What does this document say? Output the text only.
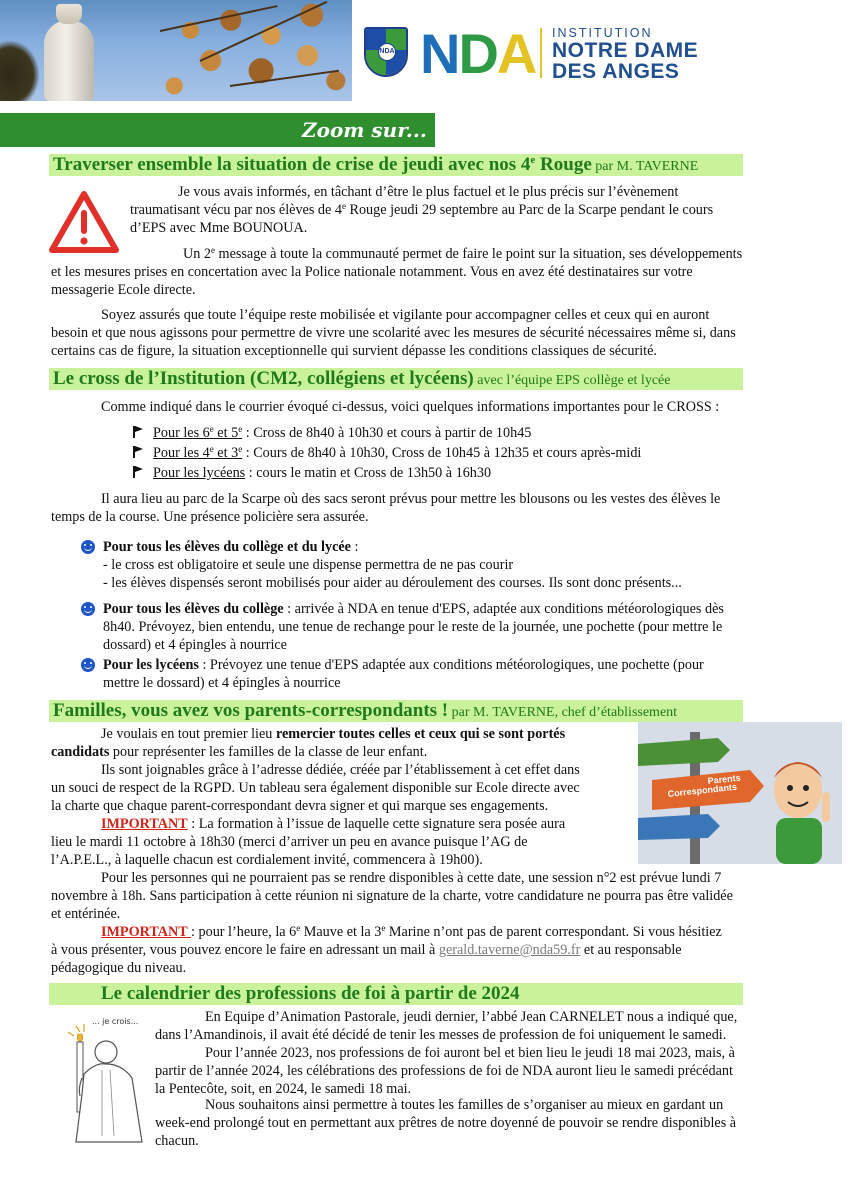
NDA NDA INSTITUTION
NOTRE DAME
DES ANGES
Zoom sur...
Traverser ensemble la situation de crise de jeudi avec nos 4e Rouge par M. TAVERNE
Je vous avais informés, en tâchant d’être le plus factuel et le plus précis sur l’évènement
traumatisant vécu par nos élèves de 4e Rouge jeudi 29 septembre au Parc de la Scarpe pendant le cours
d’EPS avec Mme BOUNOUA.
Un 2e message à toute la communauté permet de faire le point sur la situation, ses développements
et les mesures prises en concertation avec la Police nationale notamment. Vous en avez été destinataires sur votre
messagerie Ecole directe.
Soyez assurés que toute l’équipe reste mobilisée et vigilante pour accompagner celles et ceux qui en auront
besoin et que nous agissons pour permettre de vivre une scolarité avec les mesures de sécurité nécessaires même si, dans
certains cas de figure, la situation exceptionnelle qui survient dépasse les conditions classiques de sécurité.
Le cross de l’Institution (CM2, collégiens et lycéens) avec l’équipe EPS collège et lycée
Comme indiqué dans le courrier évoqué ci-dessus, voici quelques informations importantes pour le CROSS :
Pour les 6e et 5e : Cross de 8h40 à 10h30 et cours à partir de 10h45
Pour les 4e et 3e : Cours de 8h40 à 10h30, Cross de 10h45 à 12h35 et cours après-midi
Pour les lycéens : cours le matin et Cross de 13h50 à 16h30
Il aura lieu au parc de la Scarpe où des sacs seront prévus pour mettre les blousons ou les vestes des élèves le
temps de la course. Une présence policière sera assurée.
Pour tous les élèves du collège et du lycée :
- le cross est obligatoire et seule une dispense permettra de ne pas courir
- les élèves dispensés seront mobilisés pour aider au déroulement des courses. Ils sont donc présents...
Pour tous les élèves du collège : arrivée à NDA en tenue d'EPS, adaptée aux conditions météorologiques dès
8h40. Prévoyez, bien entendu, une tenue de rechange pour le reste de la journée, une pochette (pour mettre le
dossard) et 4 épingles à nourrice
Pour les lycéens : Prévoyez une tenue d'EPS adaptée aux conditions météorologiques, une pochette (pour
mettre le dossard) et 4 épingles à nourrice
Familles, vous avez vos parents-correspondants ! par M. TAVERNE, chef d’établissement
Parents
Correspondants
Je voulais en tout premier lieu remercier toutes celles et ceux qui se sont portés
candidats pour représenter les familles de la classe de leur enfant.
Ils sont joignables grâce à l’adresse dédiée, créée par l’établissement à cet effet dans
un souci de respect de la RGPD. Un tableau sera également disponible sur Ecole directe avec
la charte que chaque parent-correspondant devra signer et qui marque ses engagements.
IMPORTANT : La formation à l’issue de laquelle cette signature sera posée aura
lieu le mardi 11 octobre à 18h30 (merci d’arriver un peu en avance puisque l’AG de
l’A.P.E.L., à laquelle chacun est cordialement invité, commencera à 19h00).
Pour les personnes qui ne pourraient pas se rendre disponibles à cette date, une session n°2 est prévue lundi 7
novembre à 18h. Sans participation à cette réunion ni signature de la charte, votre candidature ne pourra pas être validée
et entérinée.
IMPORTANT : pour l’heure, la 6e Mauve et la 3e Marine n’ont pas de parent correspondant. Si vous hésitiez
à vous présenter, vous pouvez encore le faire en adressant un mail à gerald.taverne@nda59.fr et au responsable
pédagogique du niveau.
Le calendrier des professions de foi à partir de 2024
... je crois...	En Equipe d’Animation Pastorale, jeudi dernier, l’abbé Jean CARNELET nous a indiqué que,
dans l’Amandinois, il avait été décidé de tenir les messes de profession de foi uniquement le samedi.
Pour l’année 2023, nos professions de foi auront bel et bien lieu le jeudi 18 mai 2023, mais, à
partir de l’année 2024, les célébrations des professions de foi de NDA auront lieu le samedi précédant
la Pentecôte, soit, en 2024, le samedi 18 mai.
Nous souhaitons ainsi permettre à toutes les familles de s’organiser au mieux en gardant un
week-end prolongé tout en permettant aux prêtres de notre doyenné de pouvoir se rendre disponibles à
chacun.
